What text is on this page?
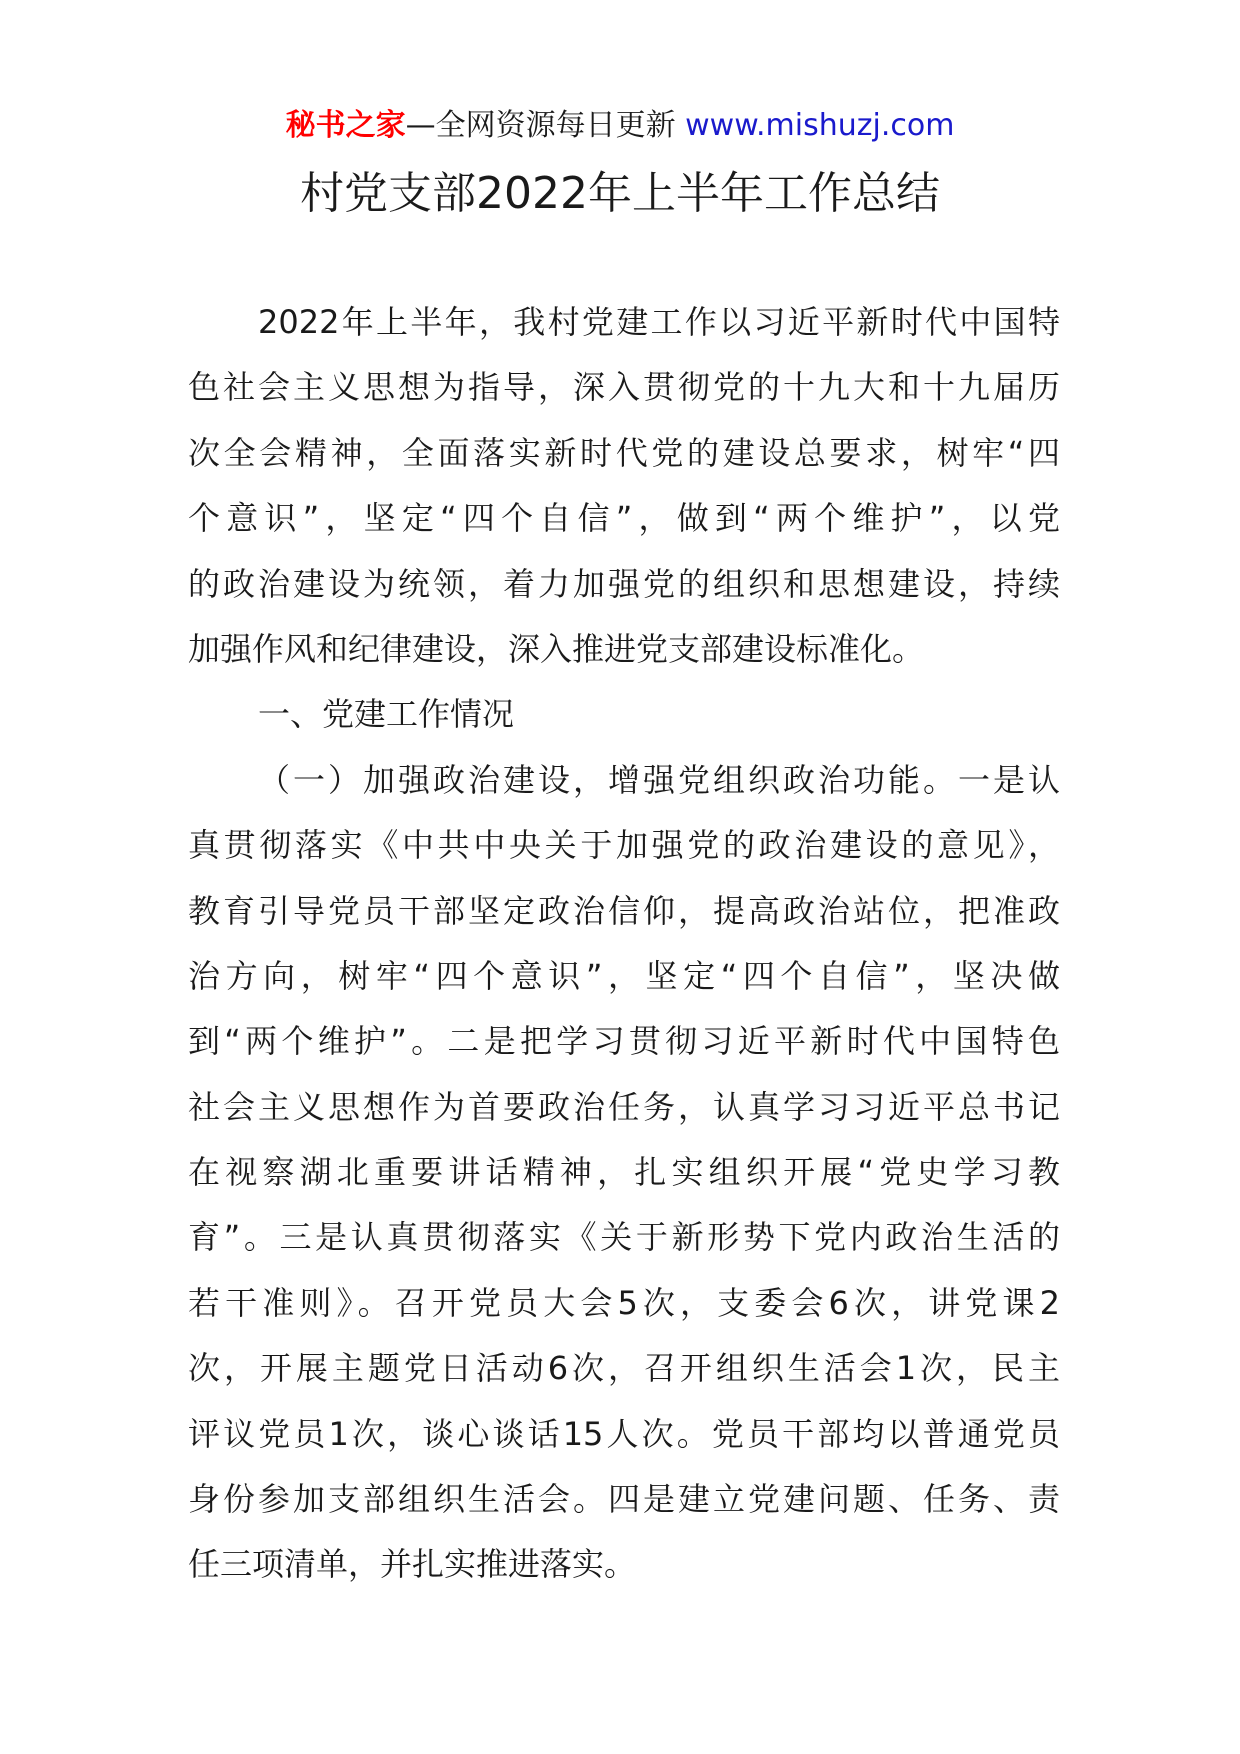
秘书之家—全网资源每日更新 www.mishuzj.com
村党支部2022年上半年工作总结
2022年上半年，我村党建工作以习近平新时代中国特
色社会主义思想为指导，深入贯彻党的十九大和十九届历
次全会精神，全面落实新时代党的建设总要求，树牢“四
个意识”，坚定“四个自信”，做到“两个维护”，以党
的政治建设为统领，着力加强党的组织和思想建设，持续
加强作风和纪律建设，深入推进党支部建设标准化。
一、党建工作情况
（一）加强政治建设，增强党组织政治功能。一是认
真贯彻落实《中共中央关于加强党的政治建设的意见》，
教育引导党员干部坚定政治信仰，提高政治站位，把准政
治方向，树牢“四个意识”，坚定“四个自信”，坚决做
到“两个维护”。二是把学习贯彻习近平新时代中国特色
社会主义思想作为首要政治任务，认真学习习近平总书记
在视察湖北重要讲话精神，扎实组织开展“党史学习教
育”。三是认真贯彻落实《关于新形势下党内政治生活的
若干准则》。召开党员大会5次，支委会6次，讲党课2
次，开展主题党日活动6次，召开组织生活会1次，民主
评议党员1次，谈心谈话15人次。党员干部均以普通党员
身份参加支部组织生活会。四是建立党建问题、任务、责
任三项清单，并扎实推进落实。
